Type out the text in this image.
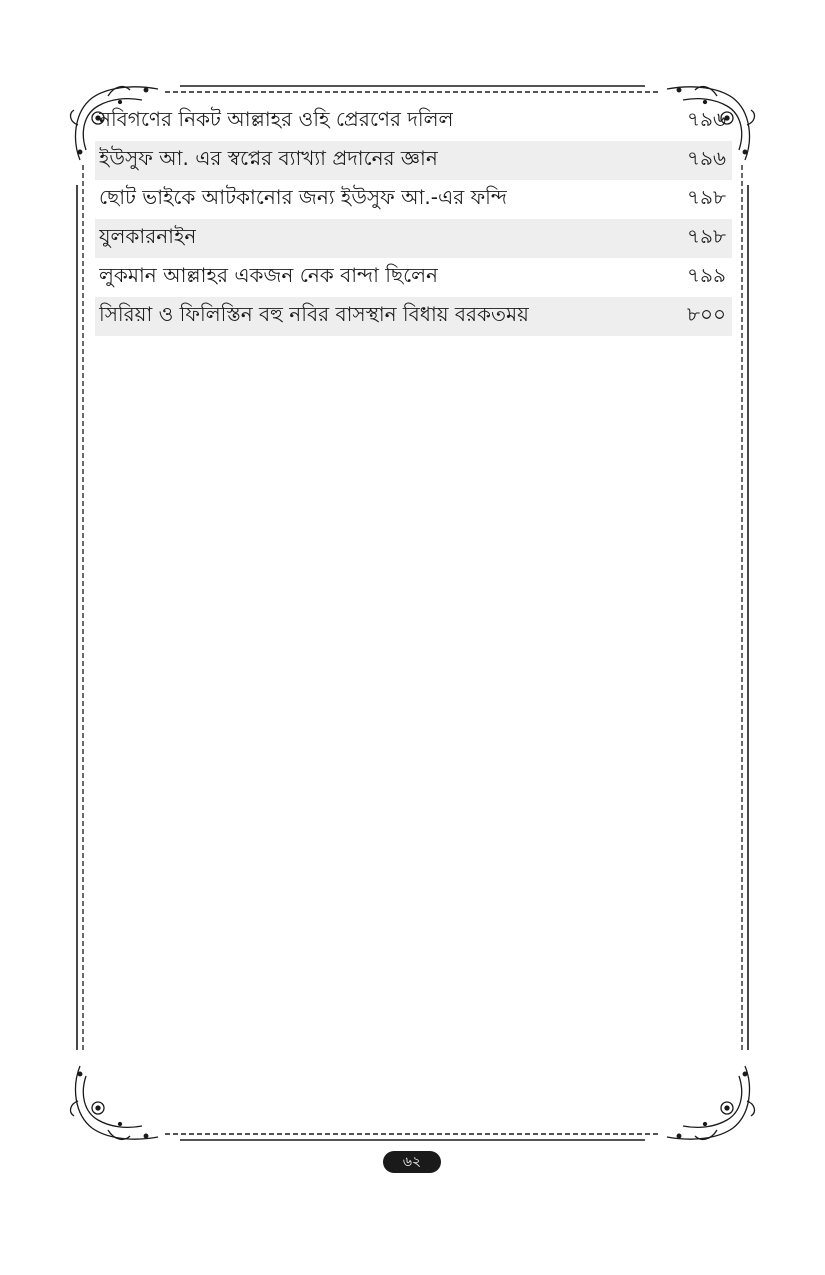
নবিগণের নিকট আল্লাহর ওহি প্রেরণের দলিল	৭৯৬
ইউসুফ আ. এর স্বপ্নের ব্যাখ্যা প্রদানের জ্ঞান	৭৯৬
ছোট ভাইকে আটকানোর জন্য ইউসুফ আ.-এর ফন্দি	৭৯৮
যুলকারনাইন	৭৯৮
লুকমান আল্লাহর একজন নেক বান্দা ছিলেন	৭৯৯
সিরিয়া ও ফিলিস্তিন বহু নবির বাসস্থান বিধায় বরকতময়	৮০০
৬২
